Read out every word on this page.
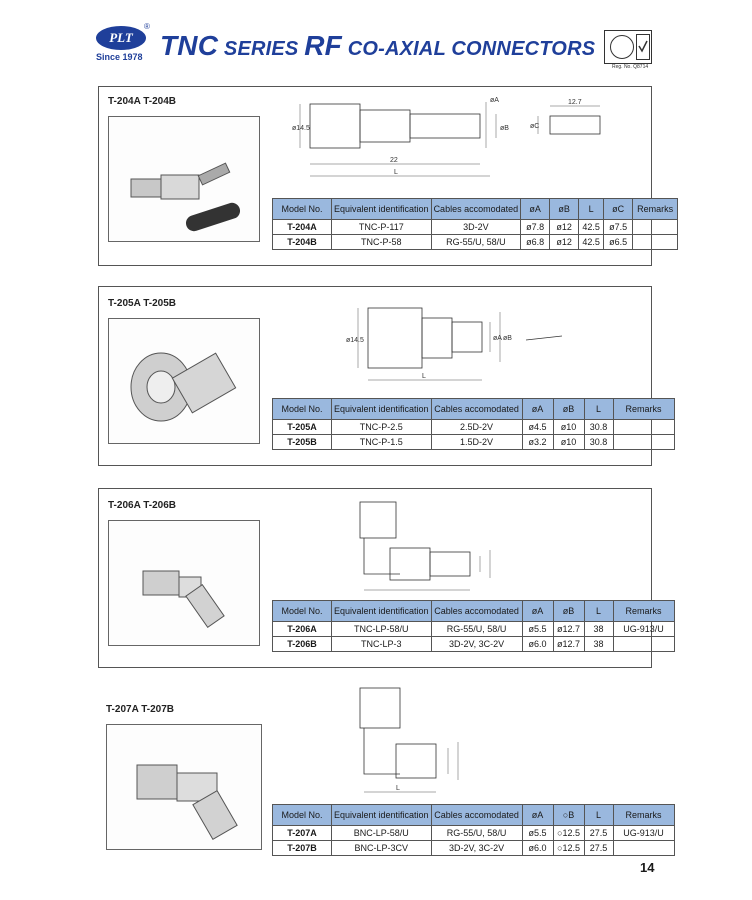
PLT
®
Since 1978 TNC SERIES RF CO-AXIAL CONNECTORS
Reg. No. Q8714
T-204A T-204B
ø14.5
22
L
øA
øB
12.7
øC
Model No.	Equivalent identification	Cables accomodated	øA	øB	L	øC	Remarks
T-204A	TNC-P-117	3D-2V	ø7.8	ø12	42.5	ø7.5	
T-204B	TNC-P-58	RG-55/U, 58/U	ø6.8	ø12	42.5	ø6.5	
T-205A T-205B
ø14.5
L
øA øB
Model No.	Equivalent identification	Cables accomodated	øA	øB	L	Remarks
T-205A	TNC-P-2.5	2.5D-2V	ø4.5	ø10	30.8	
T-205B	TNC-P-1.5	1.5D-2V	ø3.2	ø10	30.8	
T-206A T-206B
Model No.	Equivalent identification	Cables accomodated	øA	øB	L	Remarks
T-206A	TNC-LP-58/U	RG-55/U, 58/U	ø5.5	ø12.7	38	UG-913/U
T-206B	TNC-LP-3	3D-2V, 3C-2V	ø6.0	ø12.7	38	
T-207A T-207B
L
Model No.	Equivalent identification	Cables accomodated	øA	○B	L	Remarks
T-207A	BNC-LP-58/U	RG-55/U, 58/U	ø5.5	○12.5	27.5	UG-913/U
T-207B	BNC-LP-3CV	3D-2V, 3C-2V	ø6.0	○12.5	27.5	
14
